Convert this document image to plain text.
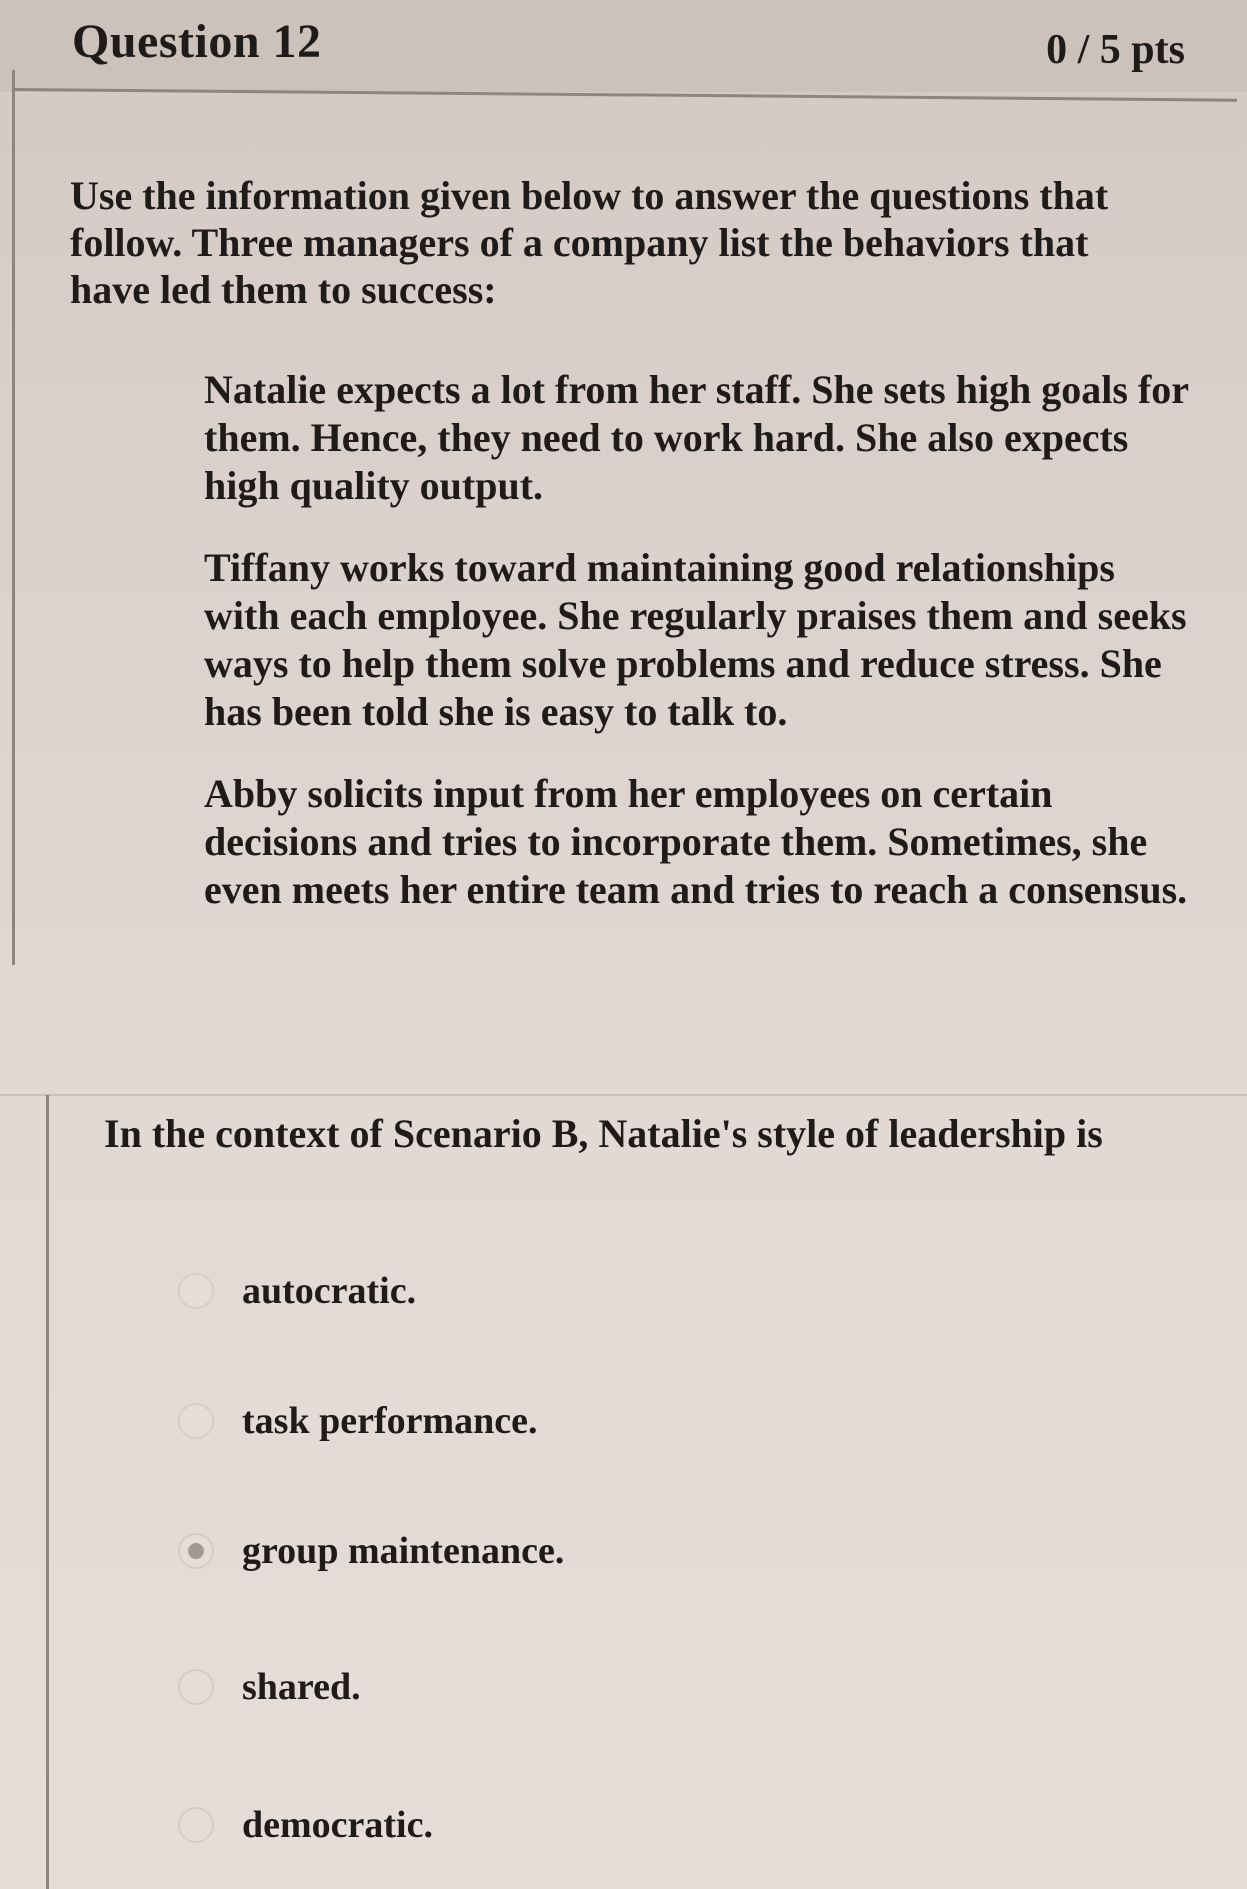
Question 12	0 / 5 pts
Use the information given below to answer the questions that follow. Three managers of a company list the behaviors that have led them to success:
Natalie expects a lot from her staff. She sets high goals for them. Hence, they need to work hard. She also expects high quality output.
Tiffany works toward maintaining good relationships with each employee. She regularly praises them and seeks ways to help them solve problems and reduce stress. She has been told she is easy to talk to.
Abby solicits input from her employees on certain decisions and tries to incorporate them. Sometimes, she even meets her entire team and tries to reach a consensus.
In the context of Scenario B, Natalie's style of leadership is
autocratic.
task performance.
group maintenance.
shared.
democratic.
